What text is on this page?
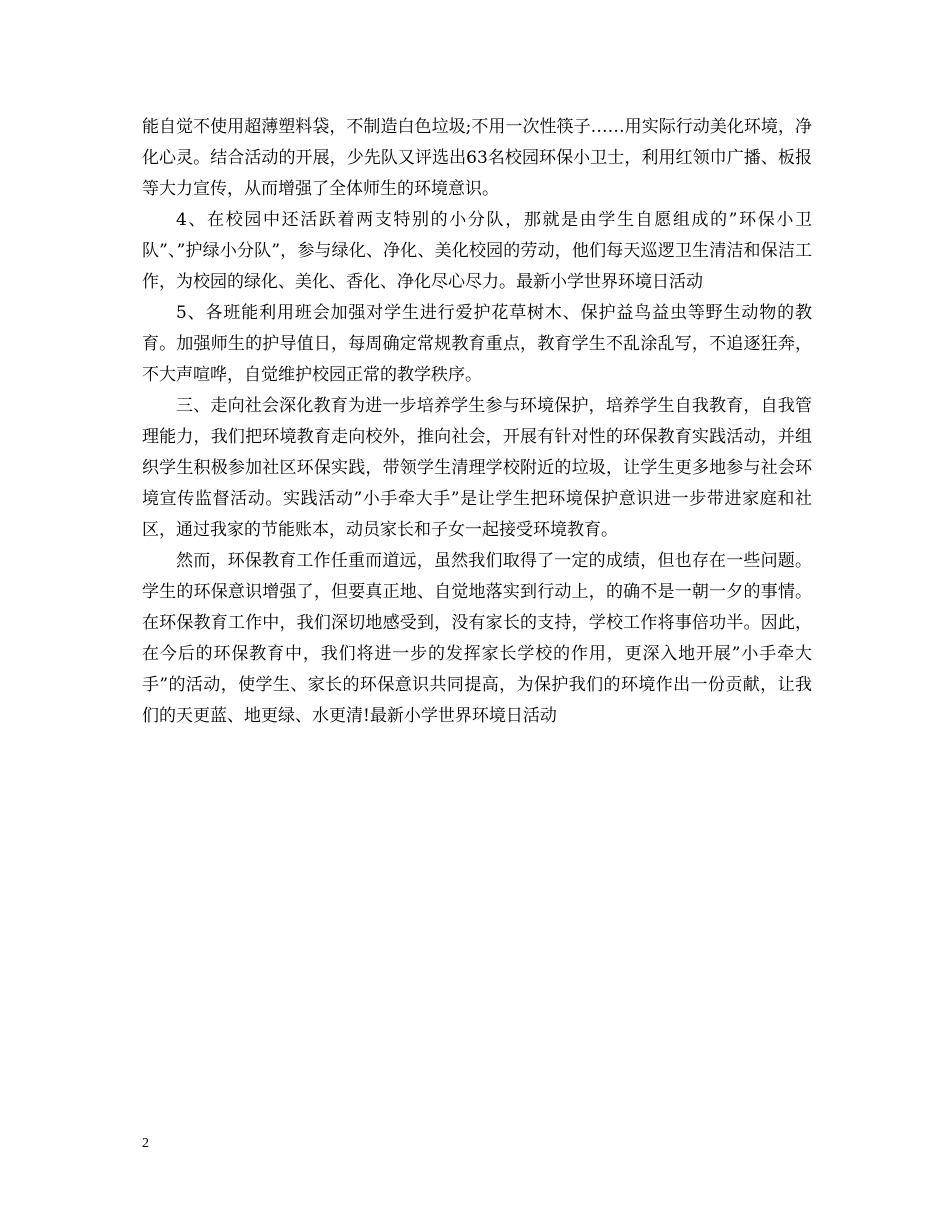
能自觉不使用超薄塑料袋，不制造白色垃圾;不用一次性筷子……用实际行动美化环境，净化心灵。结合活动的开展，少先队又评选出63名校园环保小卫士，利用红领巾广播、板报等大力宣传，从而增强了全体师生的环境意识。

4、在校园中还活跃着两支特别的小分队，那就是由学生自愿组成的”环保小卫队”、”护绿小分队”，参与绿化、净化、美化校园的劳动，他们每天巡逻卫生清洁和保洁工作，为校园的绿化、美化、香化、净化尽心尽力。最新小学世界环境日活动

5、各班能利用班会加强对学生进行爱护花草树木、保护益鸟益虫等野生动物的教育。加强师生的护导值日，每周确定常规教育重点，教育学生不乱涂乱写，不追逐狂奔，不大声喧哗，自觉维护校园正常的教学秩序。

三、走向社会深化教育为进一步培养学生参与环境保护，培养学生自我教育，自我管理能力，我们把环境教育走向校外，推向社会，开展有针对性的环保教育实践活动，并组织学生积极参加社区环保实践，带领学生清理学校附近的垃圾，让学生更多地参与社会环境宣传监督活动。实践活动”小手牵大手”是让学生把环境保护意识进一步带进家庭和社区，通过我家的节能账本，动员家长和子女一起接受环境教育。

然而，环保教育工作任重而道远，虽然我们取得了一定的成绩，但也存在一些问题。学生的环保意识增强了，但要真正地、自觉地落实到行动上，的确不是一朝一夕的事情。在环保教育工作中，我们深切地感受到，没有家长的支持，学校工作将事倍功半。因此，在今后的环保教育中，我们将进一步的发挥家长学校的作用，更深入地开展”小手牵大手”的活动，使学生、家长的环保意识共同提高，为保护我们的环境作出一份贡献，让我们的天更蓝、地更绿、水更清!最新小学世界环境日活动

2
